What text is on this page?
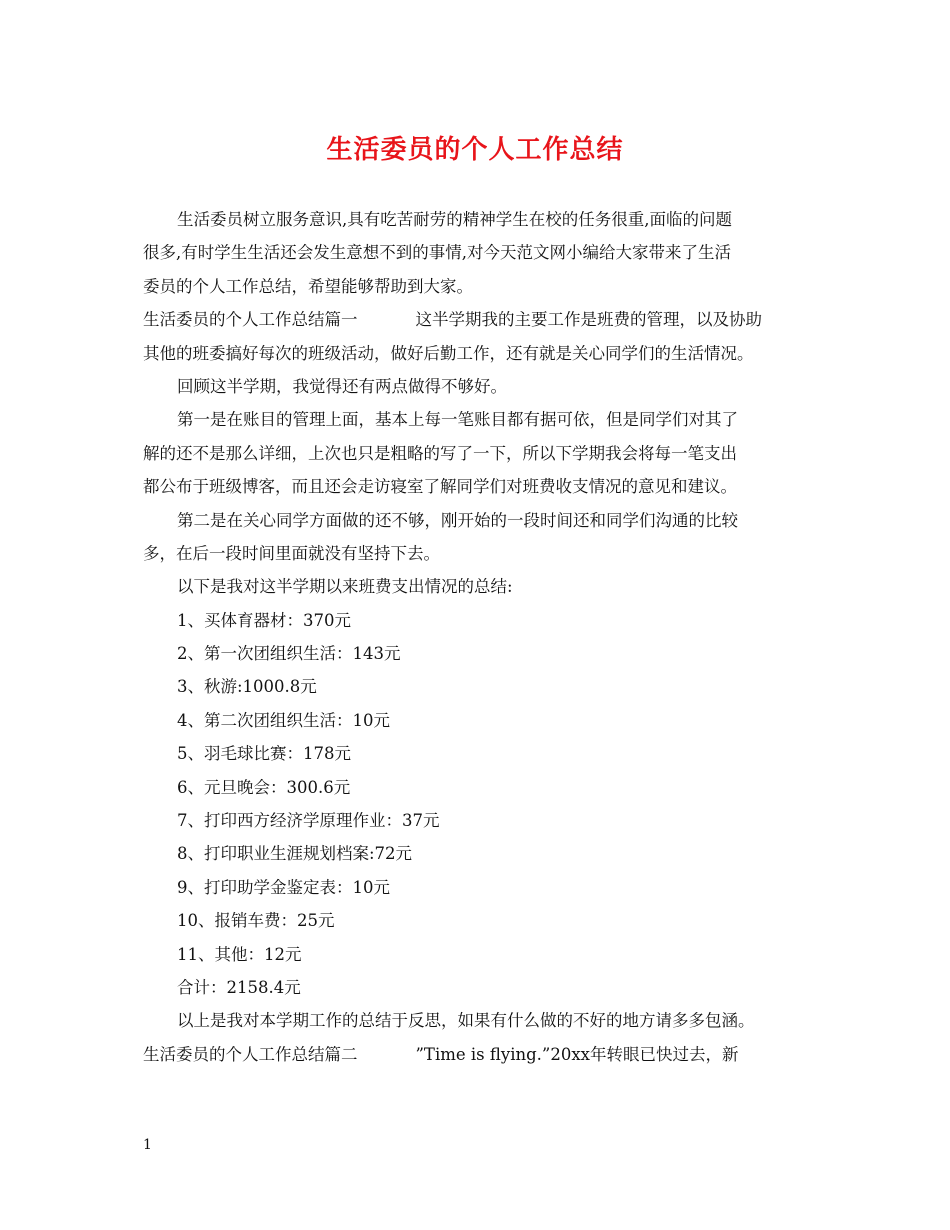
生活委员的个人工作总结
生活委员树立服务意识,具有吃苦耐劳的精神学生在校的任务很重,面临的问题
很多,有时学生生活还会发生意想不到的事情,对今天范文网小编给大家带来了生活
委员的个人工作总结，希望能够帮助到大家。
生活委员的个人工作总结篇一	这半学期我的主要工作是班费的管理，以及协助
其他的班委搞好每次的班级活动，做好后勤工作，还有就是关心同学们的生活情况。
回顾这半学期，我觉得还有两点做得不够好。
第一是在账目的管理上面，基本上每一笔账目都有据可依，但是同学们对其了
解的还不是那么详细，上次也只是粗略的写了一下，所以下学期我会将每一笔支出
都公布于班级博客，而且还会走访寝室了解同学们对班费收支情况的意见和建议。
第二是在关心同学方面做的还不够，刚开始的一段时间还和同学们沟通的比较
多，在后一段时间里面就没有坚持下去。
以下是我对这半学期以来班费支出情况的总结:
1、买体育器材：370元
2、第一次团组织生活：143元
3、秋游:1000.8元
4、第二次团组织生活：10元
5、羽毛球比赛：178元
6、元旦晚会：300.6元
7、打印西方经济学原理作业：37元
8、打印职业生涯规划档案:72元
9、打印助学金鉴定表：10元
10、报销车费：25元
11、其他：12元
合计：2158.4元
以上是我对本学期工作的总结于反思，如果有什么做的不好的地方请多多包涵。
生活委员的个人工作总结篇二	”Time is flying.”20xx年转眼已快过去，新
1
